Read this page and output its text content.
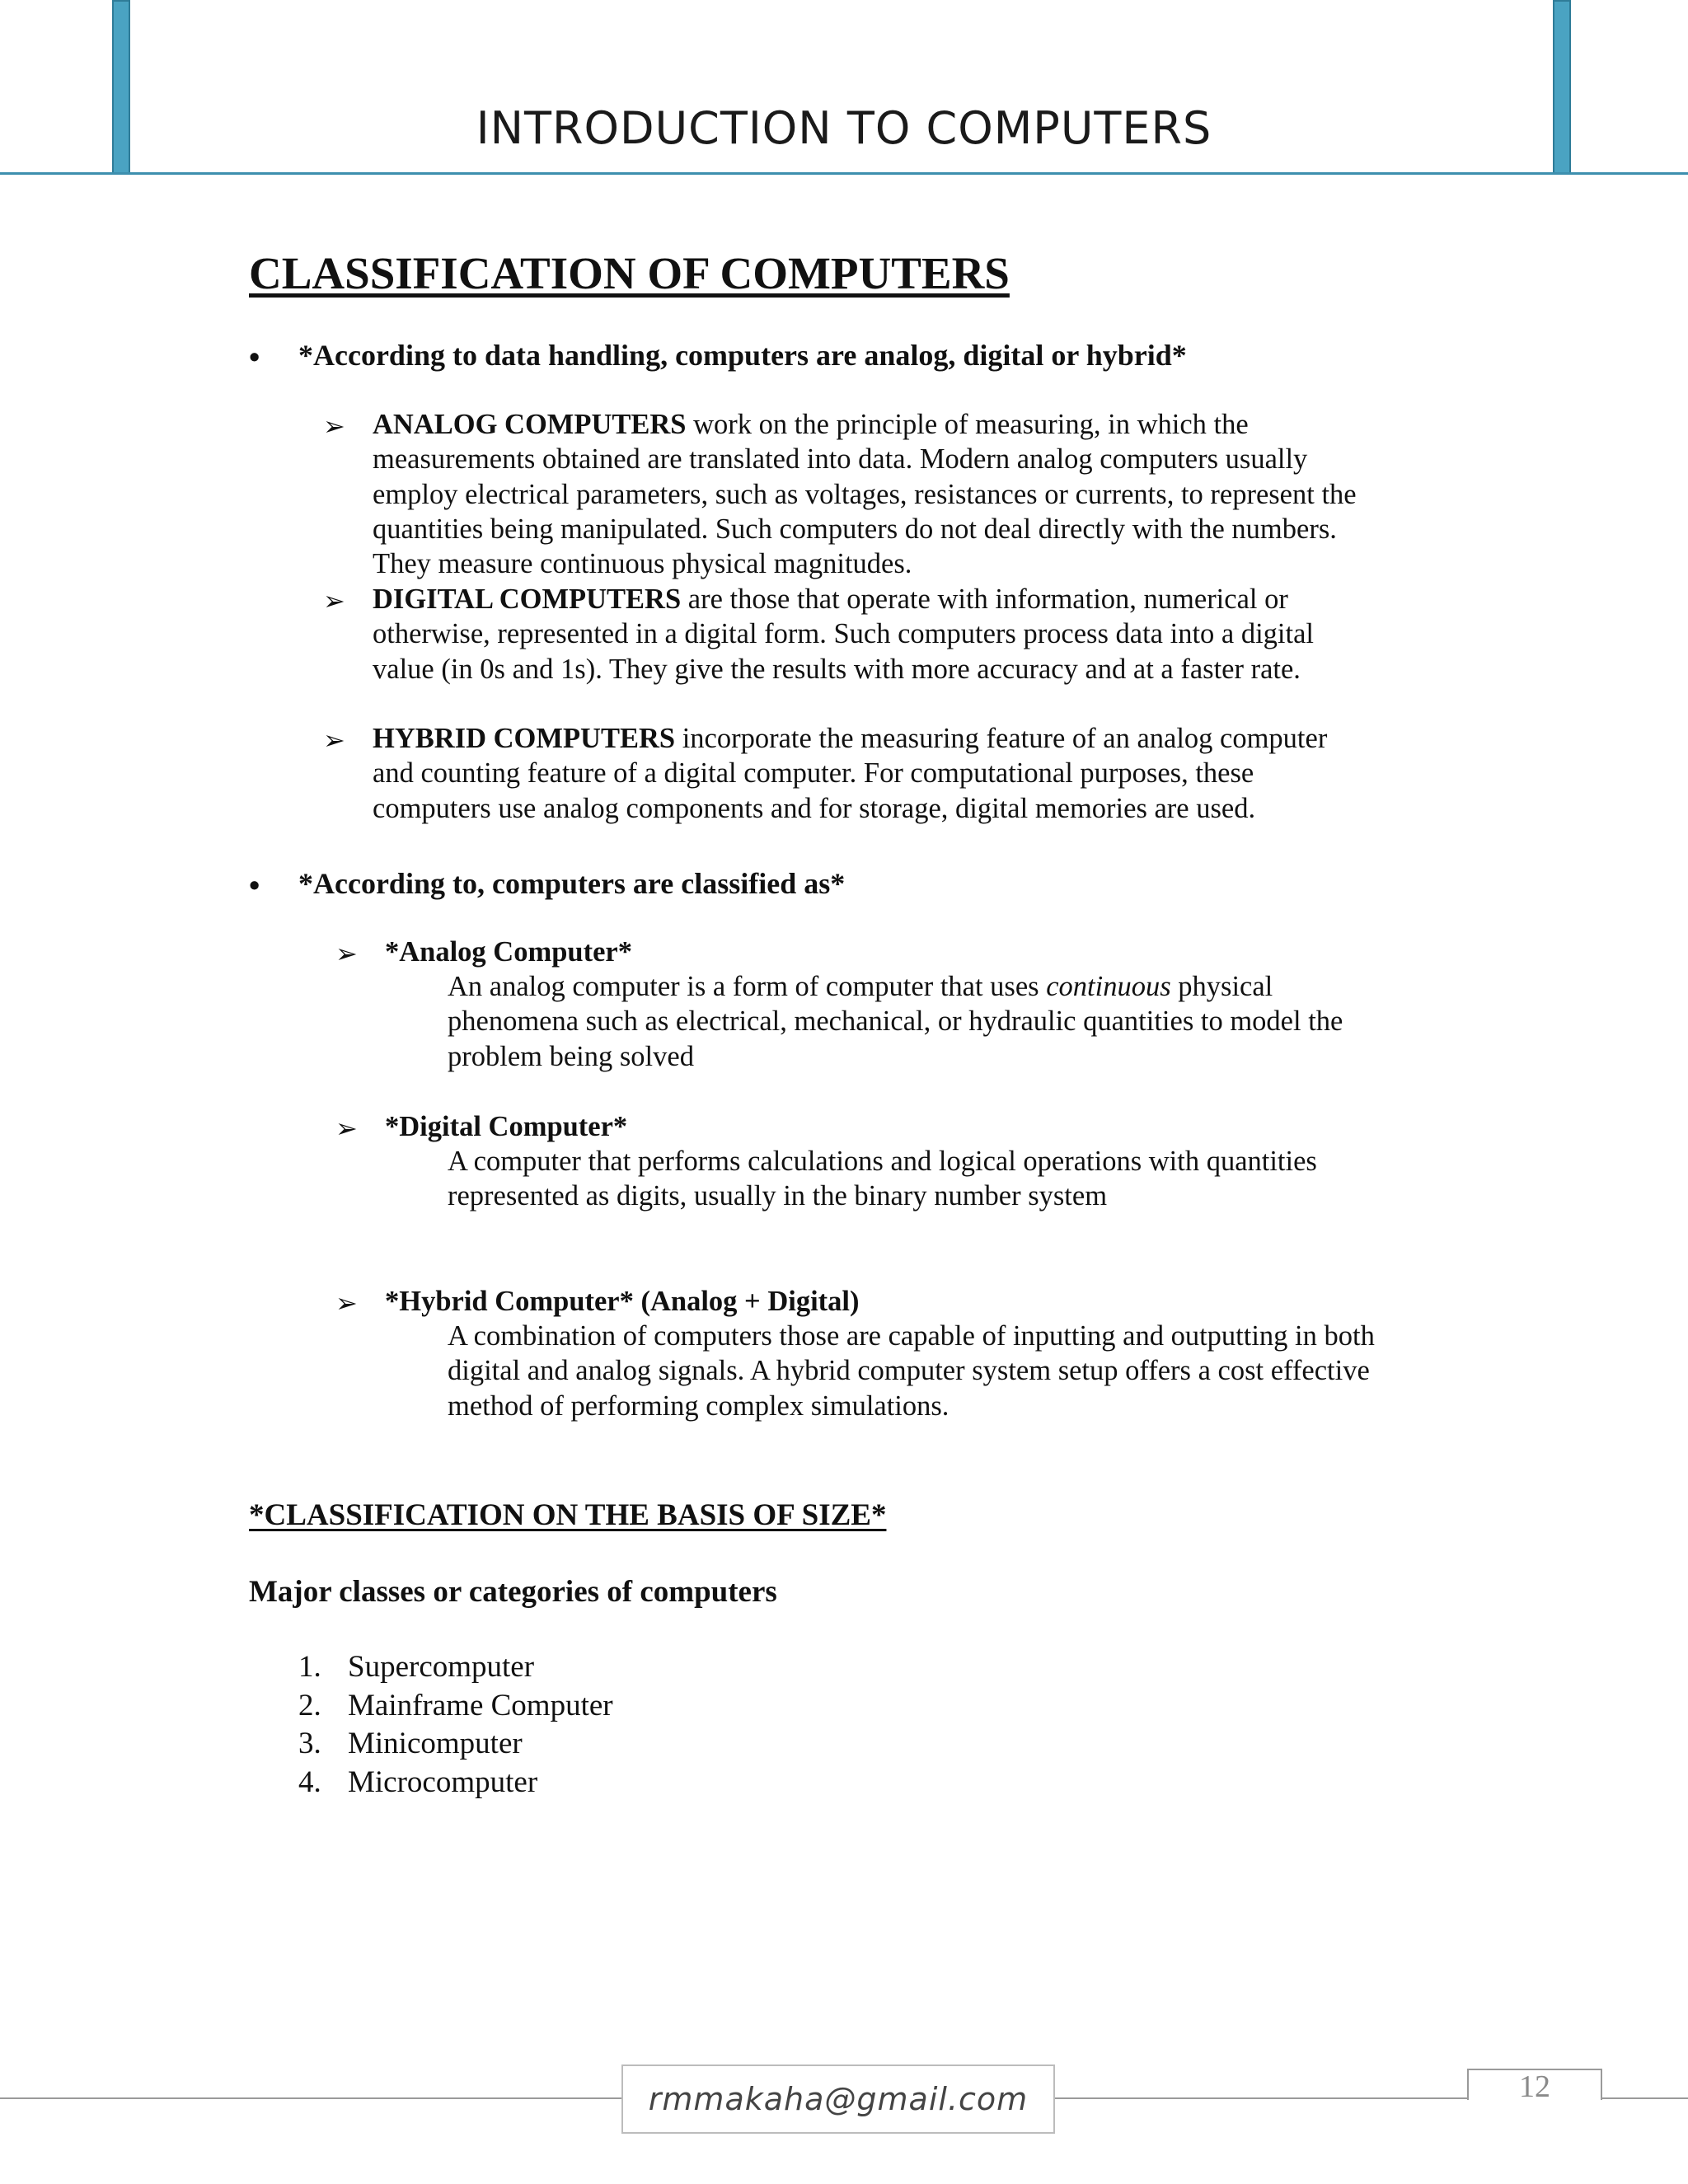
INTRODUCTION TO COMPUTERS
CLASSIFICATION OF COMPUTERS
• *According to data handling, computers are analog, digital or hybrid*
➢ ANALOG COMPUTERS work on the principle of measuring, in which the
measurements obtained are translated into data. Modern analog computers usually
employ electrical parameters, such as voltages, resistances or currents, to represent the
quantities being manipulated. Such computers do not deal directly with the numbers.
They measure continuous physical magnitudes.
➢ DIGITAL COMPUTERS are those that operate with information, numerical or
otherwise, represented in a digital form. Such computers process data into a digital
value (in 0s and 1s). They give the results with more accuracy and at a faster rate.
➢ HYBRID COMPUTERS incorporate the measuring feature of an analog computer
and counting feature of a digital computer. For computational purposes, these
computers use analog components and for storage, digital memories are used.
• *According to, computers are classified as*
➢ *Analog Computer*
An analog computer is a form of computer that uses continuous physical
phenomena such as electrical, mechanical, or hydraulic quantities to model the
problem being solved
➢ *Digital Computer*
A computer that performs calculations and logical operations with quantities
represented as digits, usually in the binary number system
➢ *Hybrid Computer* (Analog + Digital)
A combination of computers those are capable of inputting and outputting in both
digital and analog signals. A hybrid computer system setup offers a cost effective
method of performing complex simulations.
*CLASSIFICATION ON THE BASIS OF SIZE*
Major classes or categories of computers
1. Supercomputer
2. Mainframe Computer
3. Minicomputer
4. Microcomputer
rmmakaha@gmail.com	12
